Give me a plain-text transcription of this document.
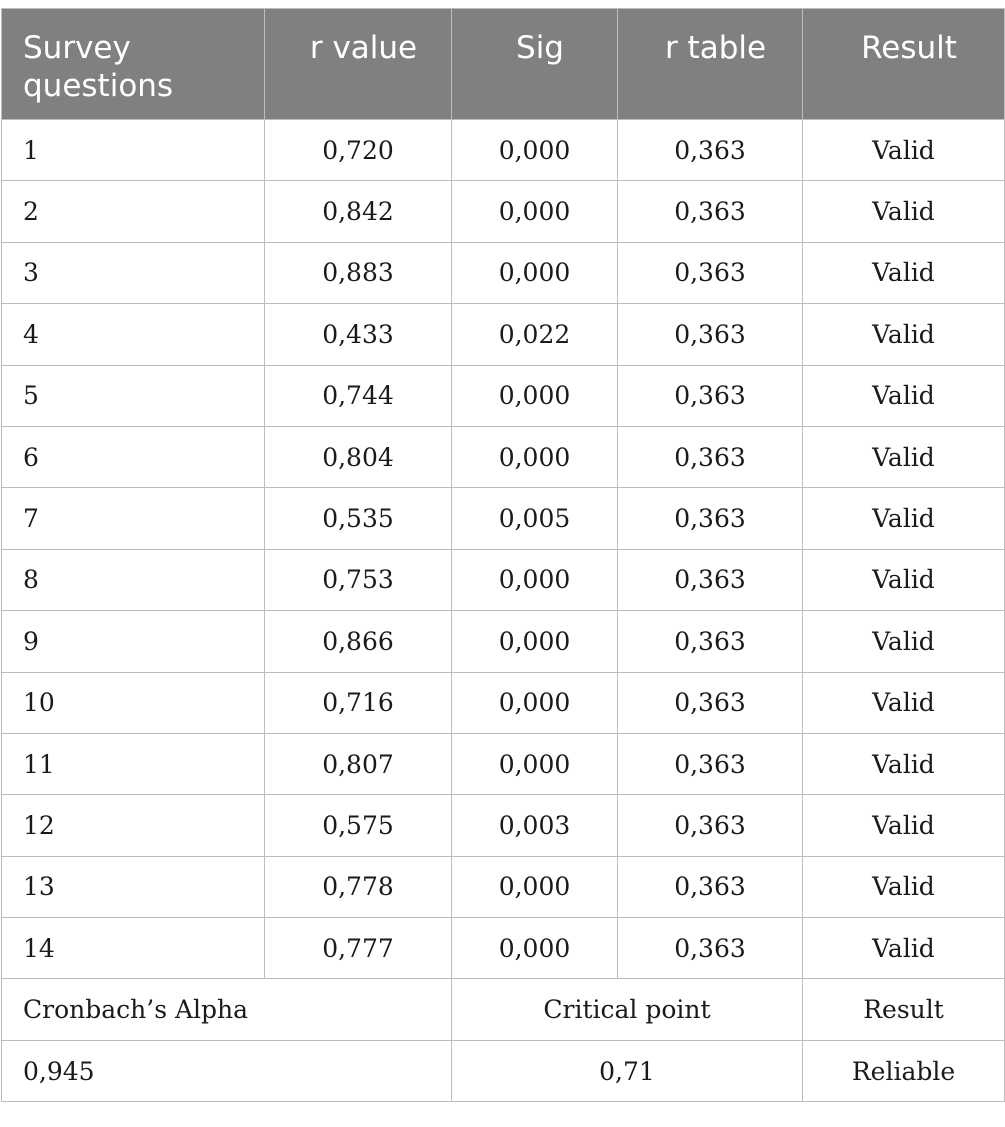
Survey
questions	r value	Sig	r table	Result
1	0,720	0,000	0,363	Valid
2	0,842	0,000	0,363	Valid
3	0,883	0,000	0,363	Valid
4	0,433	0,022	0,363	Valid
5	0,744	0,000	0,363	Valid
6	0,804	0,000	0,363	Valid
7	0,535	0,005	0,363	Valid
8	0,753	0,000	0,363	Valid
9	0,866	0,000	0,363	Valid
10	0,716	0,000	0,363	Valid
11	0,807	0,000	0,363	Valid
12	0,575	0,003	0,363	Valid
13	0,778	0,000	0,363	Valid
14	0,777	0,000	0,363	Valid
Cronbach’s Alpha		Critical point		Result
0,945		0,71		Reliable
